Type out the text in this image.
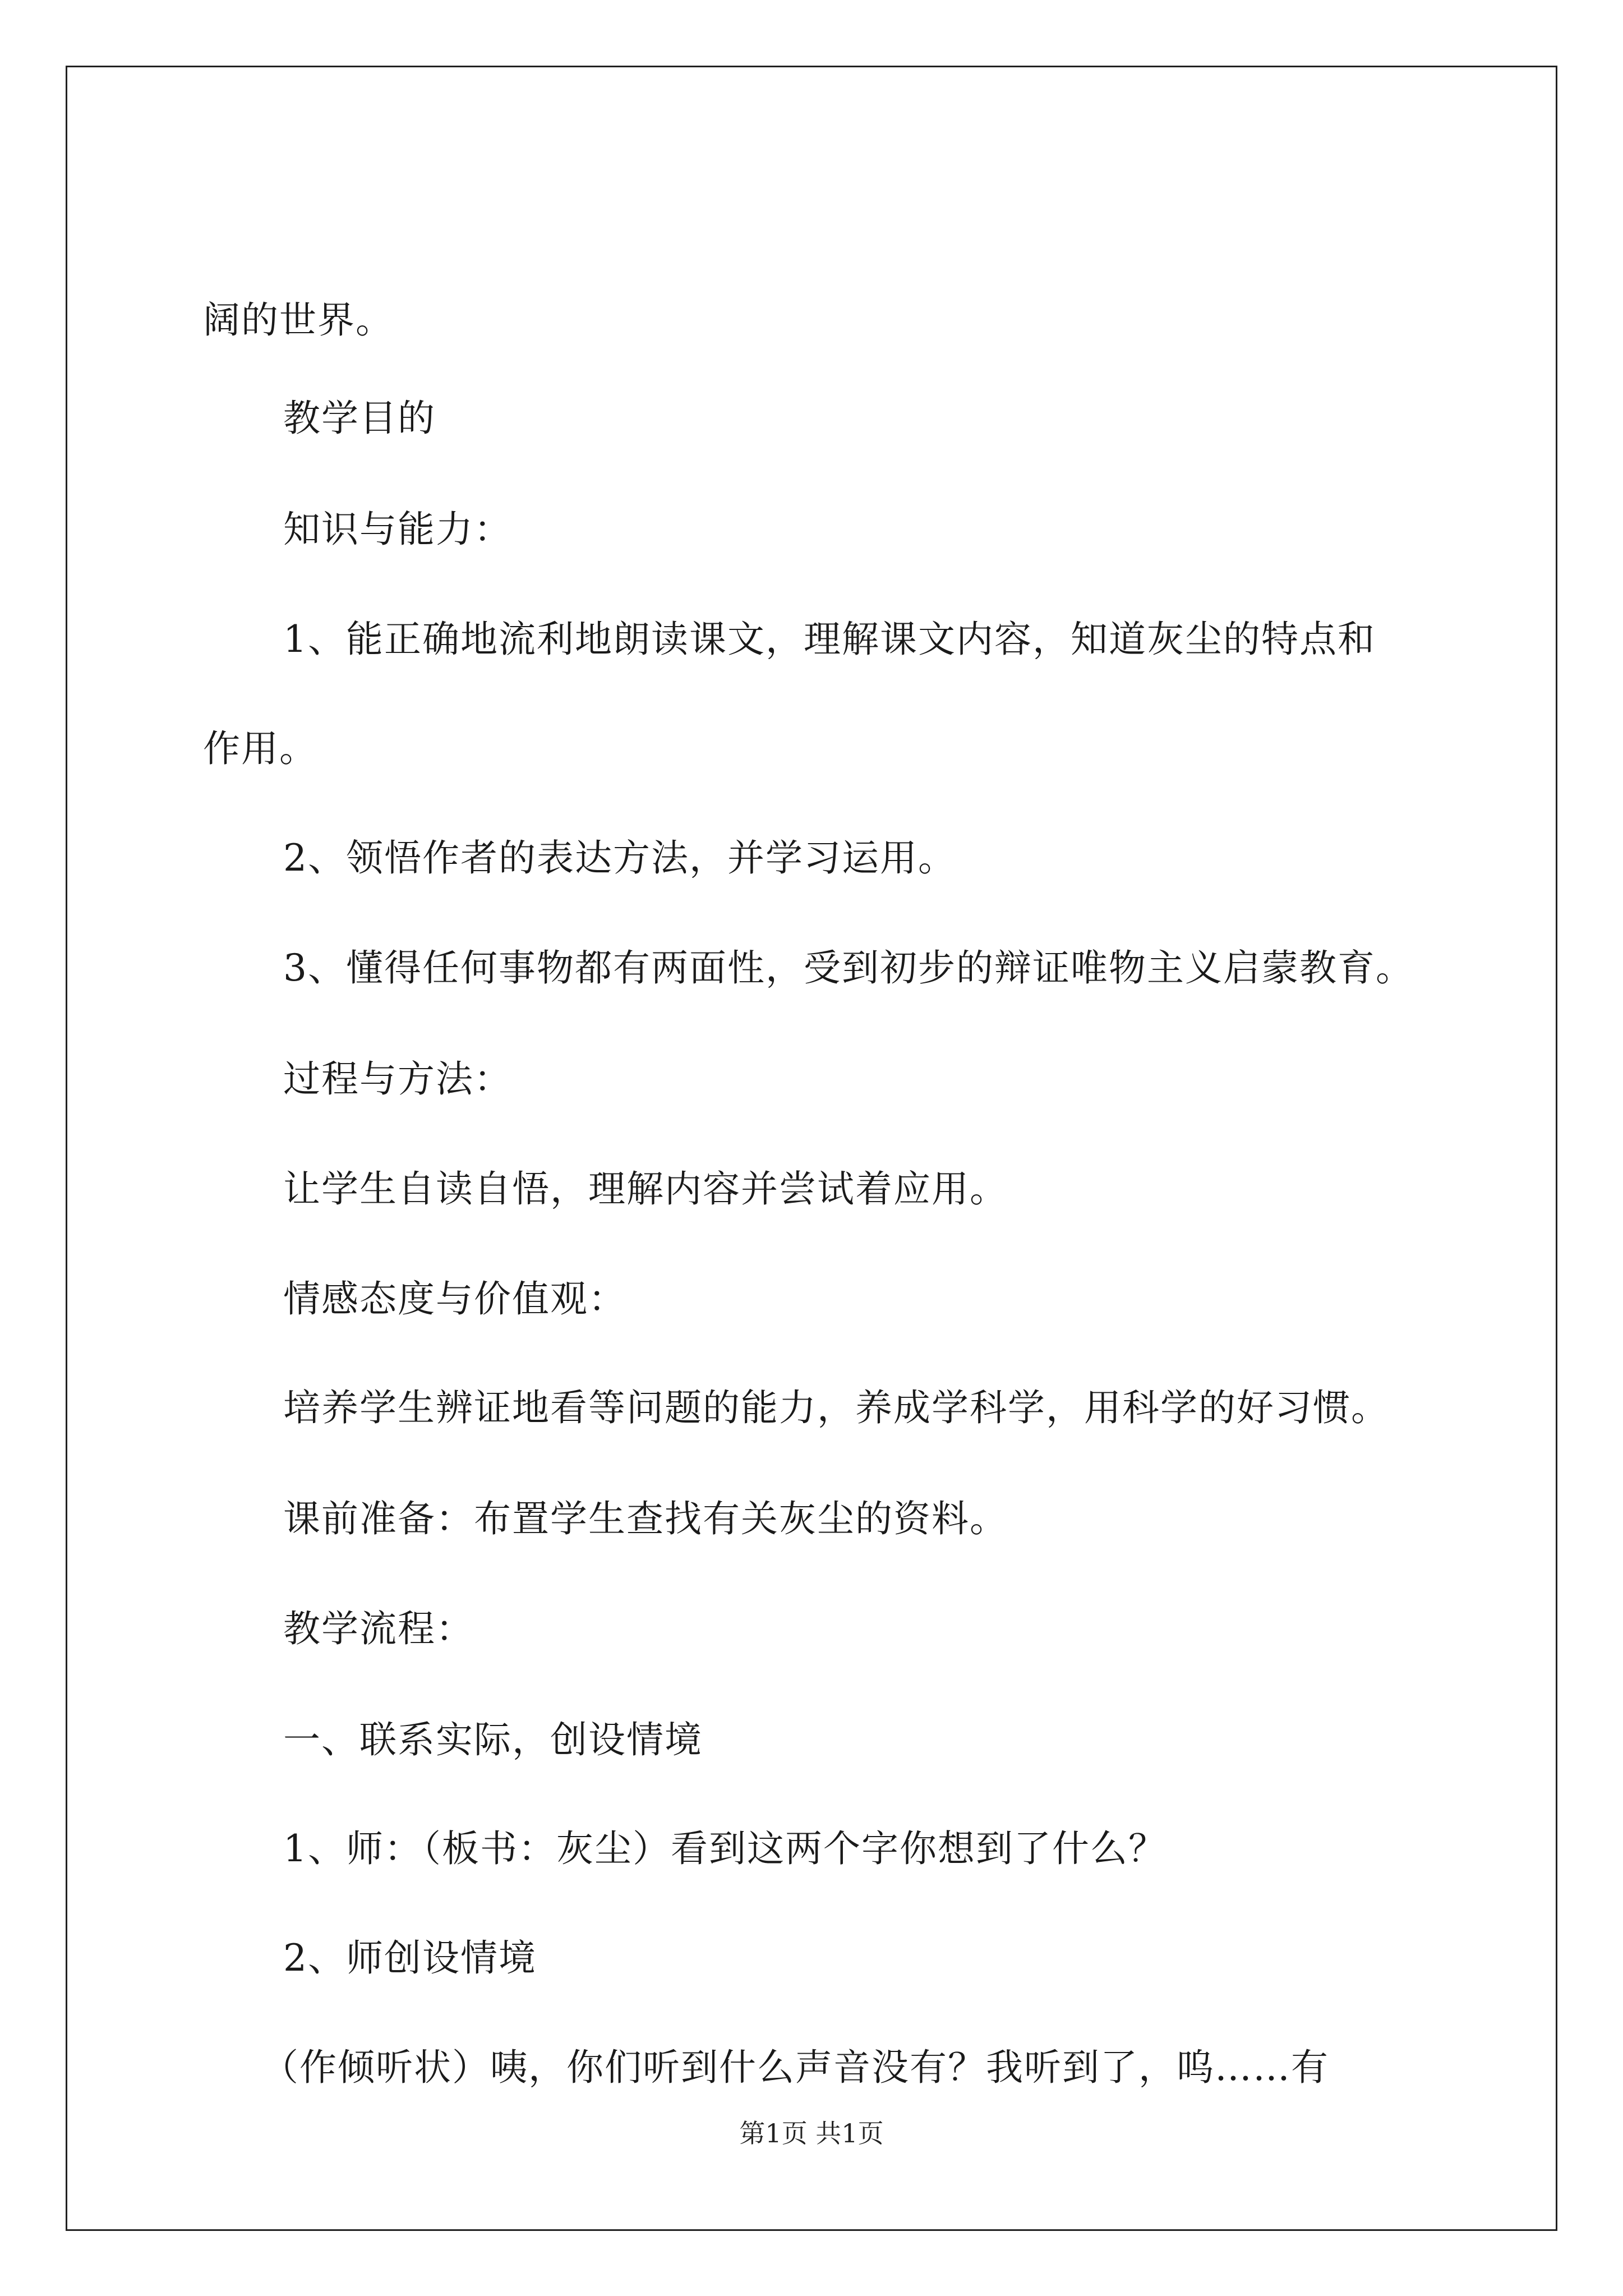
阔的世界。
教学目的
知识与能力：
1、能正确地流利地朗读课文，理解课文内容，知道灰尘的特点和
作用。
2、领悟作者的表达方法，并学习运用。
3、懂得任何事物都有两面性，受到初步的辩证唯物主义启蒙教育。
过程与方法：
让学生自读自悟，理解内容并尝试着应用。
情感态度与价值观：
培养学生辨证地看等问题的能力，养成学科学，用科学的好习惯。
课前准备：布置学生查找有关灰尘的资料。
教学流程：
一、联系实际，创设情境
1、师：（板书：灰尘）看到这两个字你想到了什么？
2、师创设情境
（作倾听状）咦，你们听到什么声音没有？我听到了，呜……有
第1页 共1页
